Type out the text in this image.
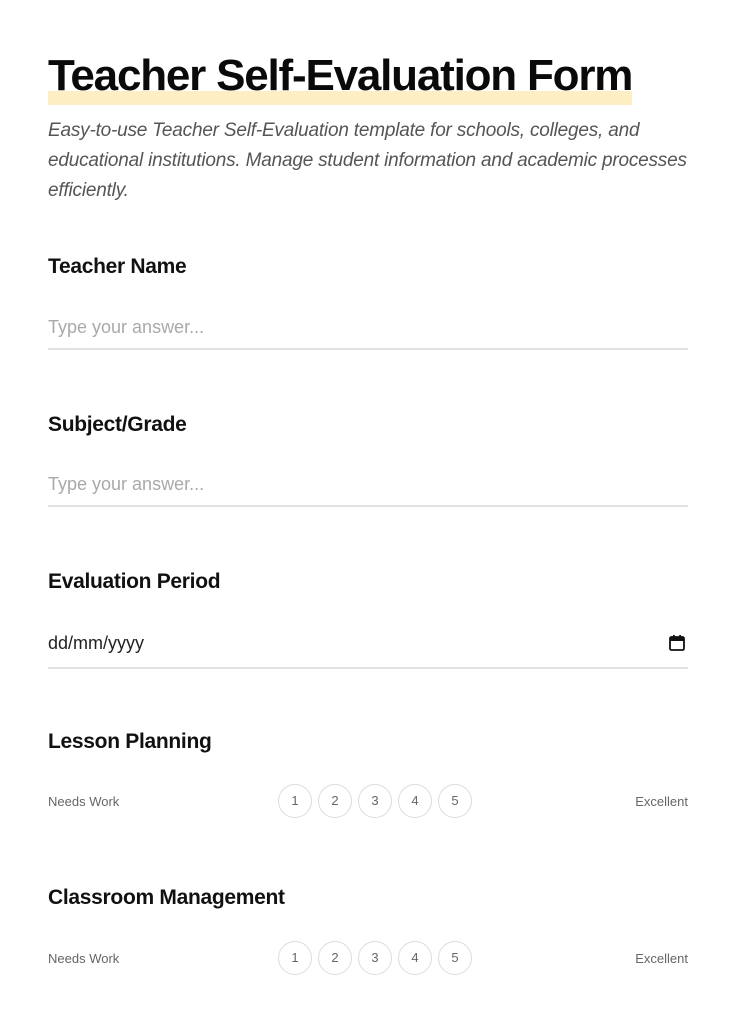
Teacher Self-Evaluation Form

Easy-to-use Teacher Self-Evaluation template for schools, colleges, and educational institutions. Manage student information and academic processes efficiently.

Teacher Name
Type your answer...
Subject/Grade
Type your answer...
Evaluation Period
dd/mm/yyyy
Lesson Planning
Needs Work	1	2	3	4	5	Excellent
Classroom Management
Needs Work	1	2	3	4	5	Excellent
